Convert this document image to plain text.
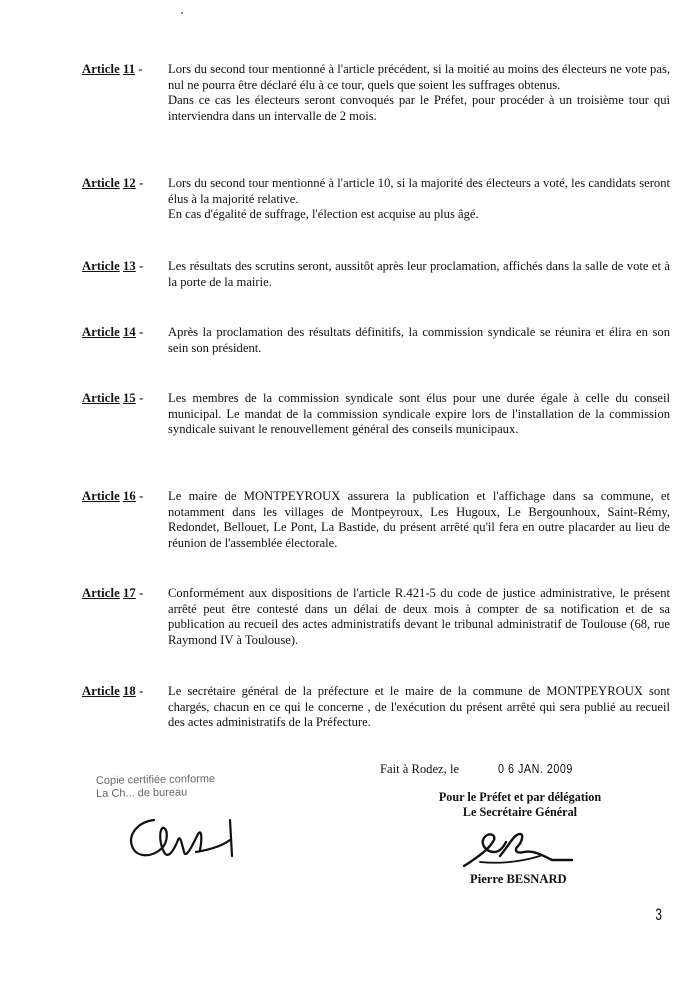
Article 11 -	Lors du second tour mentionné à l'article précédent, si la moitié au moins des électeurs ne vote pas, nul ne pourra être déclaré élu à ce tour, quels que soient les suffrages obtenus.

Dans ce cas les électeurs seront convoqués par le Préfet, pour procéder à un troisième tour qui interviendra dans un intervalle de 2 mois.

Article 12 -	Lors du second tour mentionné à l'article 10, si la majorité des électeurs a voté, les candidats seront élus à la majorité relative.

En cas d'égalité de suffrage, l'élection est acquise au plus âgé.

Article 13 -	Les résultats des scrutins seront, aussitôt après leur proclamation, affichés dans la salle de vote et à la porte de la mairie.

Article 14 -	Après la proclamation des résultats définitifs, la commission syndicale se réunira et élira en son sein son président.

Article 15 -	Les membres de la commission syndicale sont élus pour une durée égale à celle du conseil municipal. Le mandat de la commission syndicale expire lors de l'installation de la commission syndicale suivant le renouvellement général des conseils municipaux.

Article 16 -	Le maire de MONTPEYROUX assurera la publication et l'affichage dans sa commune, et notamment dans les villages de Montpeyroux, Les Hugoux, Le Bergounhoux, Saint-Rémy, Redondet, Bellouet, Le Pont, La Bastide, du présent arrêté qu'il fera en outre placarder au lieu de réunion de l'assemblée électorale.

Article 17 -	Conformément aux dispositions de l'article R.421-5 du code de justice administrative, le présent arrêté peut être contesté dans un délai de deux mois à compter de sa notification et de sa publication au recueil des actes administratifs devant le tribunal administratif de Toulouse (68, rue Raymond IV à Toulouse).

Article 18 -	Le secrétaire général de la préfecture et le maire de la commune de MONTPEYROUX sont chargés, chacun en ce qui le concerne , de l'exécution du présent arrêté qui sera publié au recueil des actes administratifs de la Préfecture.

Fait à Rodez, le	0 6 JAN. 2009
Pour le Préfet et par délégation
Le Secrétaire Général
Pierre BESNARD
Copie certifiée conforme
La Ch... de bureau
3
